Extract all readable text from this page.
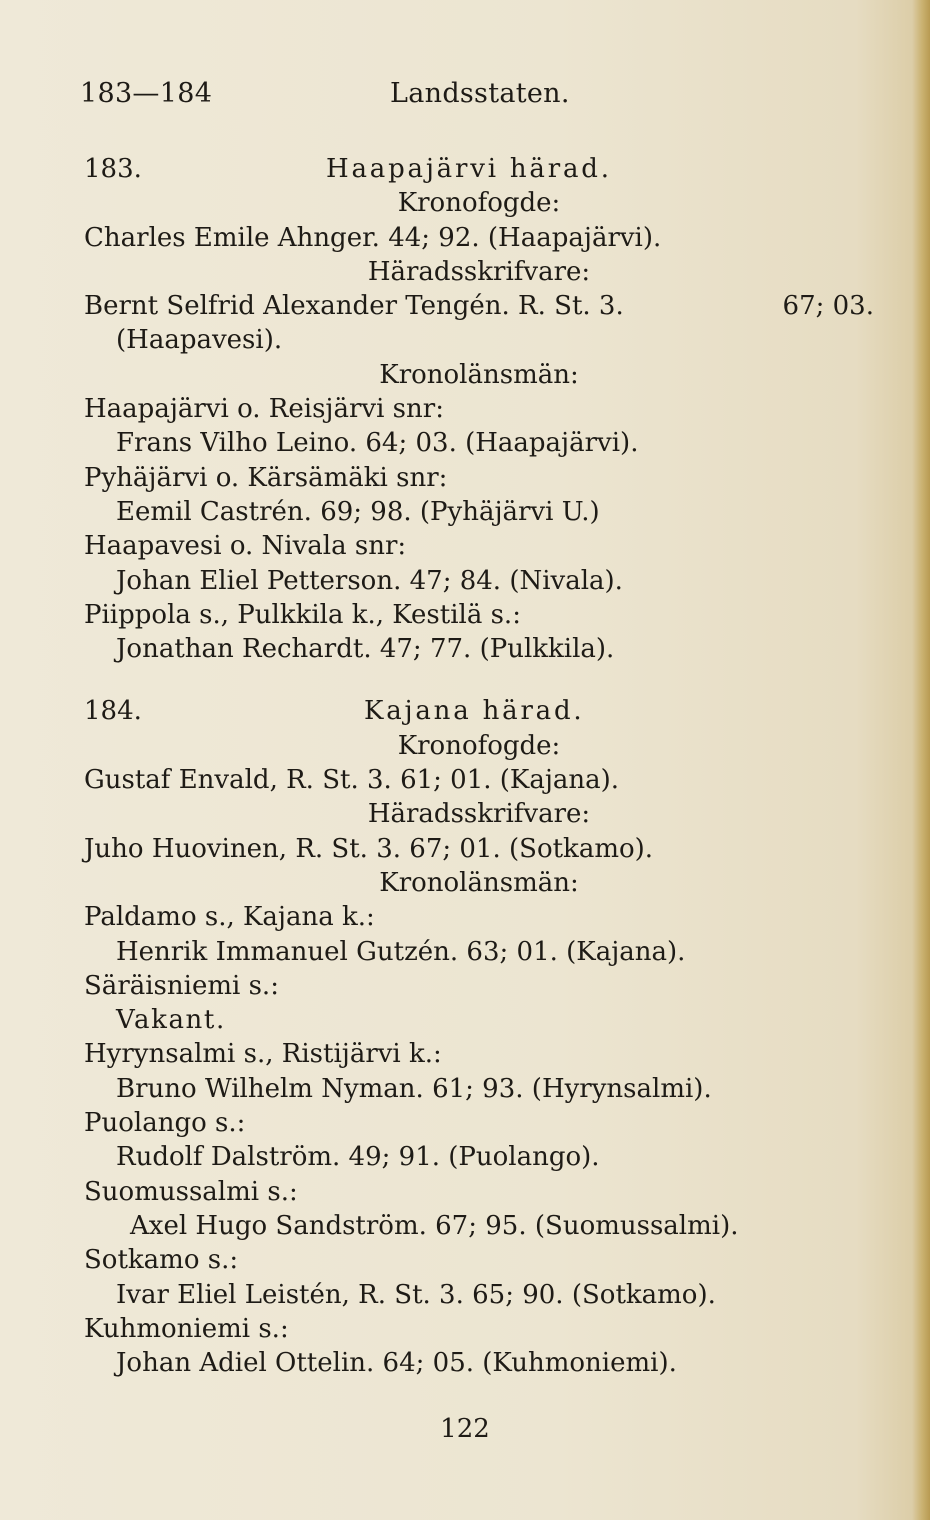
183—184	Landsstaten.
183.	Haapajärvi härad.
Kronofogde:
Charles Emile Ahnger. 44; 92. (Haapajärvi).
Häradsskrifvare:
Bernt Selfrid Alexander Tengén. R. St. 3.	67; 03.
(Haapavesi).
Kronolänsmän:
Haapajärvi o. Reisjärvi snr:
Frans Vilho Leino. 64; 03. (Haapajärvi).
Pyhäjärvi o. Kärsämäki snr:
Eemil Castrén. 69; 98. (Pyhäjärvi U.)
Haapavesi o. Nivala snr:
Johan Eliel Petterson. 47; 84. (Nivala).
Piippola s., Pulkkila k., Kestilä s.:
Jonathan Rechardt. 47; 77. (Pulkkila).
184.	Kajana härad.
Kronofogde:
Gustaf Envald, R. St. 3. 61; 01. (Kajana).
Häradsskrifvare:
Juho Huovinen, R. St. 3. 67; 01. (Sotkamo).
Kronolänsmän:
Paldamo s., Kajana k.:
Henrik Immanuel Gutzén. 63; 01. (Kajana).
Säräisniemi s.:
Vakant.
Hyrynsalmi s., Ristijärvi k.:
Bruno Wilhelm Nyman. 61; 93. (Hyrynsalmi).
Puolango s.:
Rudolf Dalström. 49; 91. (Puolango).
Suomussalmi s.:
Axel Hugo Sandström. 67; 95. (Suomussalmi).
Sotkamo s.:
Ivar Eliel Leistén, R. St. 3. 65; 90. (Sotkamo).
Kuhmoniemi s.:
Johan Adiel Ottelin. 64; 05. (Kuhmoniemi).
122
